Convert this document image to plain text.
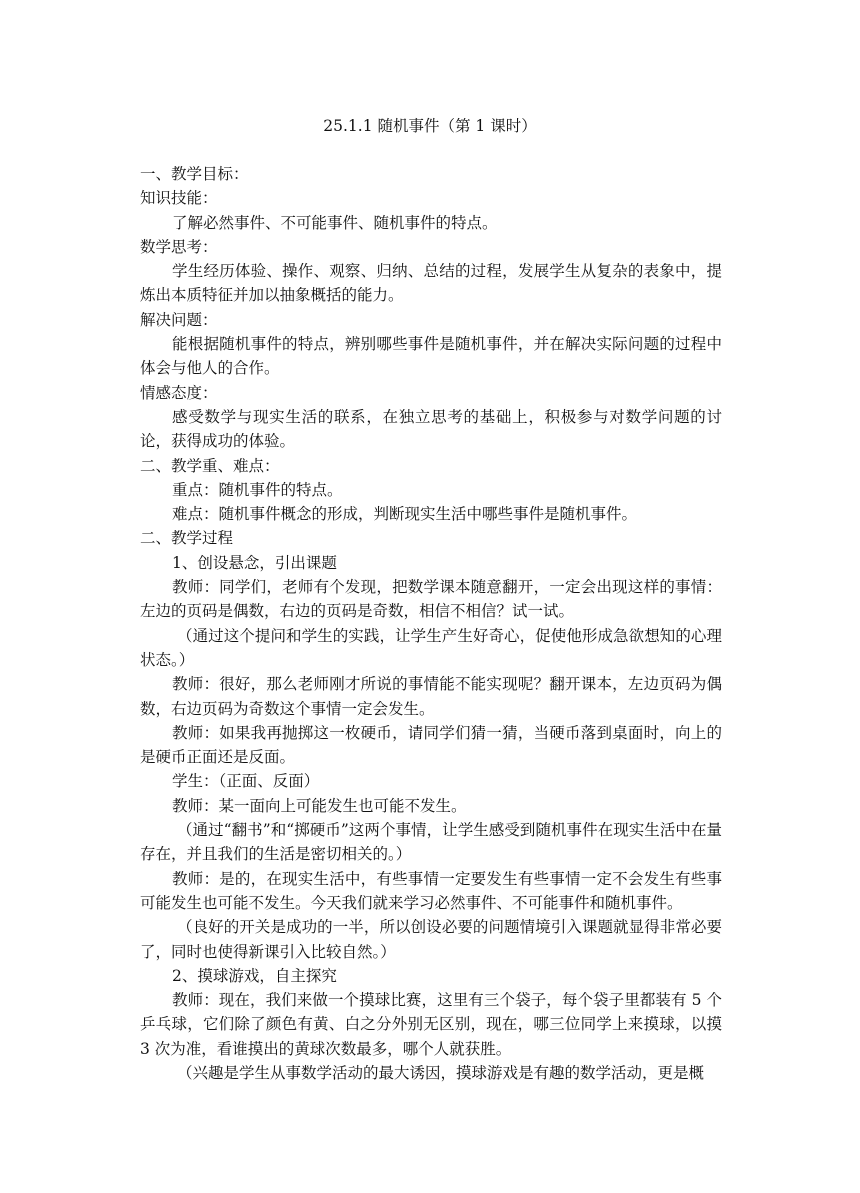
25.1.1 随机事件（第 1 课时）

一、教学目标：

知识技能：

了解必然事件、不可能事件、随机事件的特点。

数学思考：

学生经历体验、操作、观察、归纳、总结的过程，发展学生从复杂的表象中，提炼出本质特征并加以抽象概括的能力。

解决问题：

能根据随机事件的特点，辨别哪些事件是随机事件，并在解决实际问题的过程中体会与他人的合作。

情感态度：

感受数学与现实生活的联系，在独立思考的基础上，积极参与对数学问题的讨论，获得成功的体验。

二、教学重、难点：

重点：随机事件的特点。

难点：随机事件概念的形成，判断现实生活中哪些事件是随机事件。

二、教学过程

1、创设悬念，引出课题

教师：同学们，老师有个发现，把数学课本随意翻开，一定会出现这样的事情：左边的页码是偶数，右边的页码是奇数，相信不相信？试一试。

（通过这个提问和学生的实践，让学生产生好奇心，促使他形成急欲想知的心理状态。）

教师：很好，那么老师刚才所说的事情能不能实现呢？翻开课本，左边页码为偶数，右边页码为奇数这个事情一定会发生。

教师：如果我再抛掷这一枚硬币，请同学们猜一猜，当硬币落到桌面时，向上的是硬币正面还是反面。

学生：（正面、反面）

教师：某一面向上可能发生也可能不发生。

（通过“翻书”和“掷硬币”这两个事情，让学生感受到随机事件在现实生活中在量存在，并且我们的生活是密切相关的。）

教师：是的，在现实生活中，有些事情一定要发生有些事情一定不会发生有些事可能发生也可能不发生。今天我们就来学习必然事件、不可能事件和随机事件。

（良好的开关是成功的一半，所以创设必要的问题情境引入课题就显得非常必要了，同时也使得新课引入比较自然。）

2、摸球游戏，自主探究

教师：现在，我们来做一个摸球比赛，这里有三个袋子，每个袋子里都装有 5 个乒乓球，它们除了颜色有黄、白之分外别无区别，现在，哪三位同学上来摸球，以摸 3 次为准，看谁摸出的黄球次数最多，哪个人就获胜。

（兴趣是学生从事数学活动的最大诱因，摸球游戏是有趣的数学活动，更是概
